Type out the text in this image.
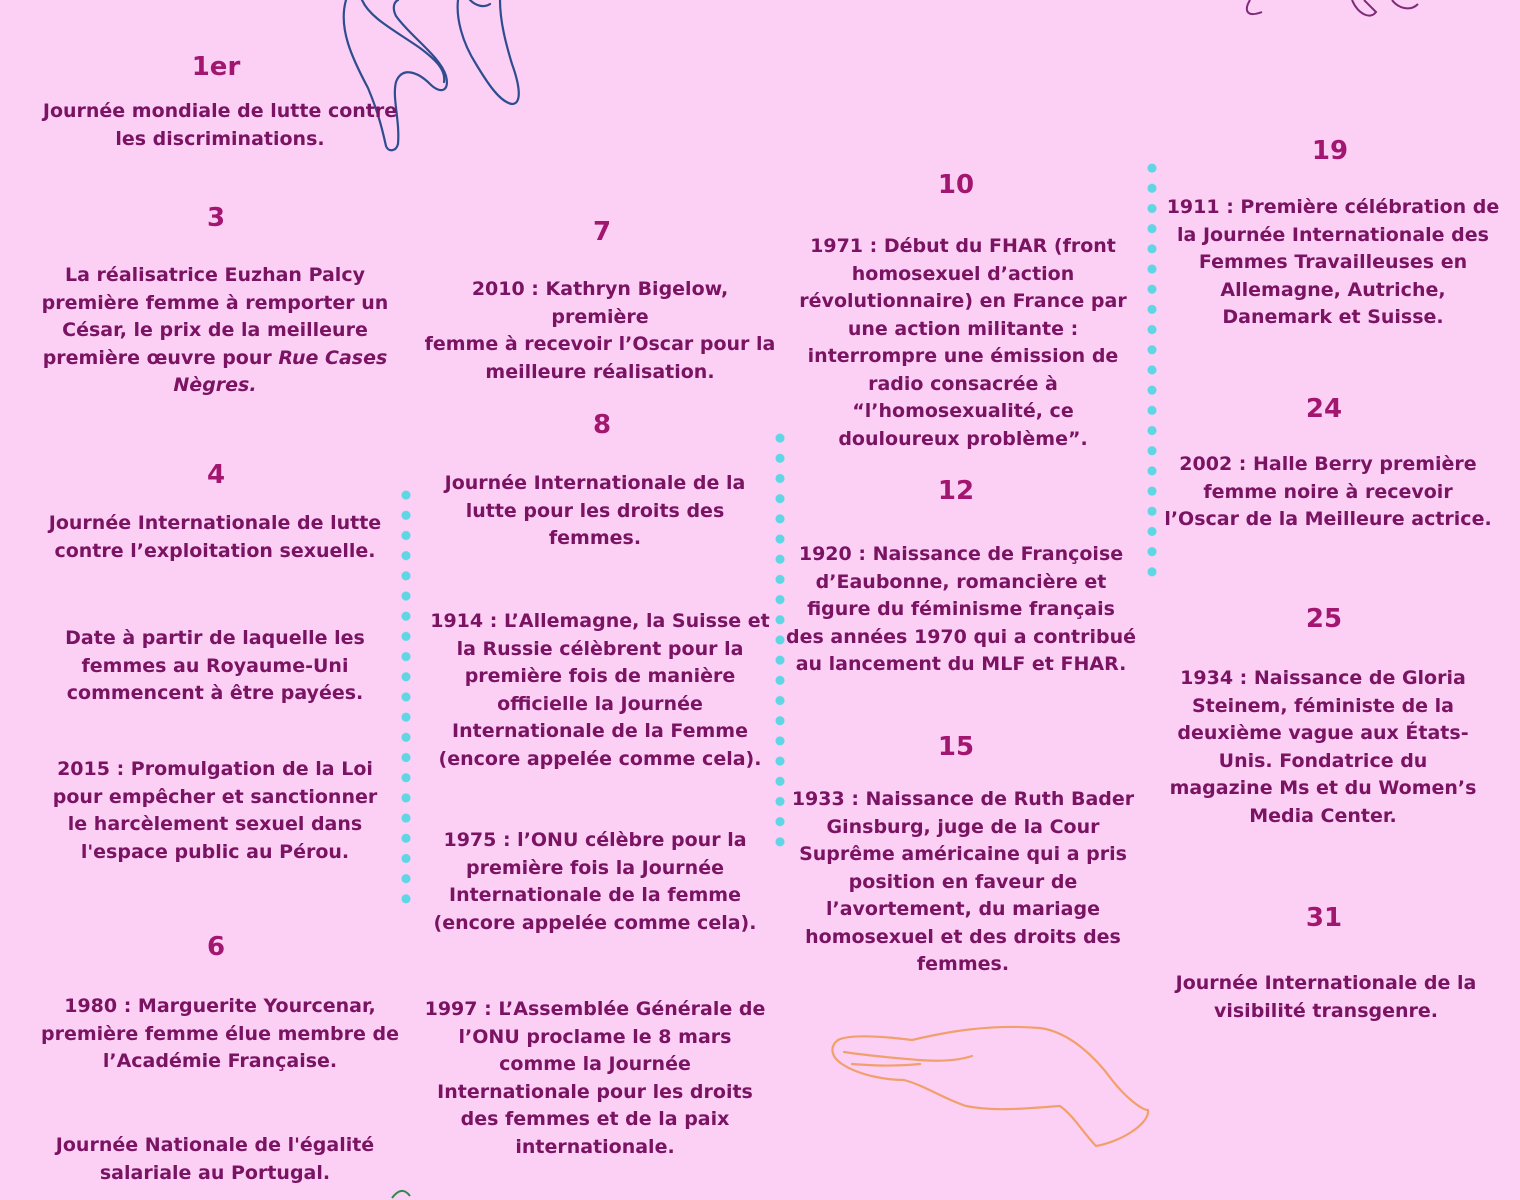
1er
Journée mondiale de lutte contre
les discriminations.
3
La réalisatrice Euzhan Palcy
première femme à remporter un
César, le prix de la meilleure
première œuvre pour Rue Cases
Nègres.
4
Journée Internationale de lutte
contre l’exploitation sexuelle.
Date à partir de laquelle les
femmes au Royaume-Uni
commencent à être payées.
2015 : Promulgation de la Loi
pour empêcher et sanctionner
le harcèlement sexuel dans
l'espace public au Pérou.
6
1980 : Marguerite Yourcenar,
première femme élue membre de
l’Académie Française.
Journée Nationale de l'égalité
salariale au Portugal.
7
2010 : Kathryn Bigelow, première
femme à recevoir l’Oscar pour la
meilleure réalisation.
8
Journée Internationale de la
lutte pour les droits des
femmes.
1914 : L’Allemagne, la Suisse et
la Russie célèbrent pour la
première fois de manière
officielle la Journée
Internationale de la Femme
(encore appelée comme cela).
1975 : l’ONU célèbre pour la
première fois la Journée
Internationale de la femme
(encore appelée comme cela).
1997 : L’Assemblée Générale de
l’ONU proclame le 8 mars
comme la Journée
Internationale pour les droits
des femmes et de la paix
internationale.
10
1971 : Début du FHAR (front
homosexuel d’action
révolutionnaire) en France par
une action militante :
interrompre une émission de
radio consacrée à
“l’homosexualité, ce
douloureux problème”.
12
1920 : Naissance de Françoise
d’Eaubonne, romancière et
figure du féminisme français
des années 1970 qui a contribué
au lancement du MLF et FHAR.
15
1933 : Naissance de Ruth Bader
Ginsburg, juge de la Cour
Suprême américaine qui a pris
position en faveur de
l’avortement, du mariage
homosexuel et des droits des
femmes.
19
1911 : Première célébration de
la Journée Internationale des
Femmes Travailleuses en
Allemagne, Autriche,
Danemark et Suisse.
24
2002 : Halle Berry première
femme noire à recevoir
l’Oscar de la Meilleure actrice.
25
1934 : Naissance de Gloria
Steinem, féministe de la
deuxième vague aux États-
Unis. Fondatrice du
magazine Ms et du Women’s
Media Center.
31
Journée Internationale de la
visibilité transgenre.
